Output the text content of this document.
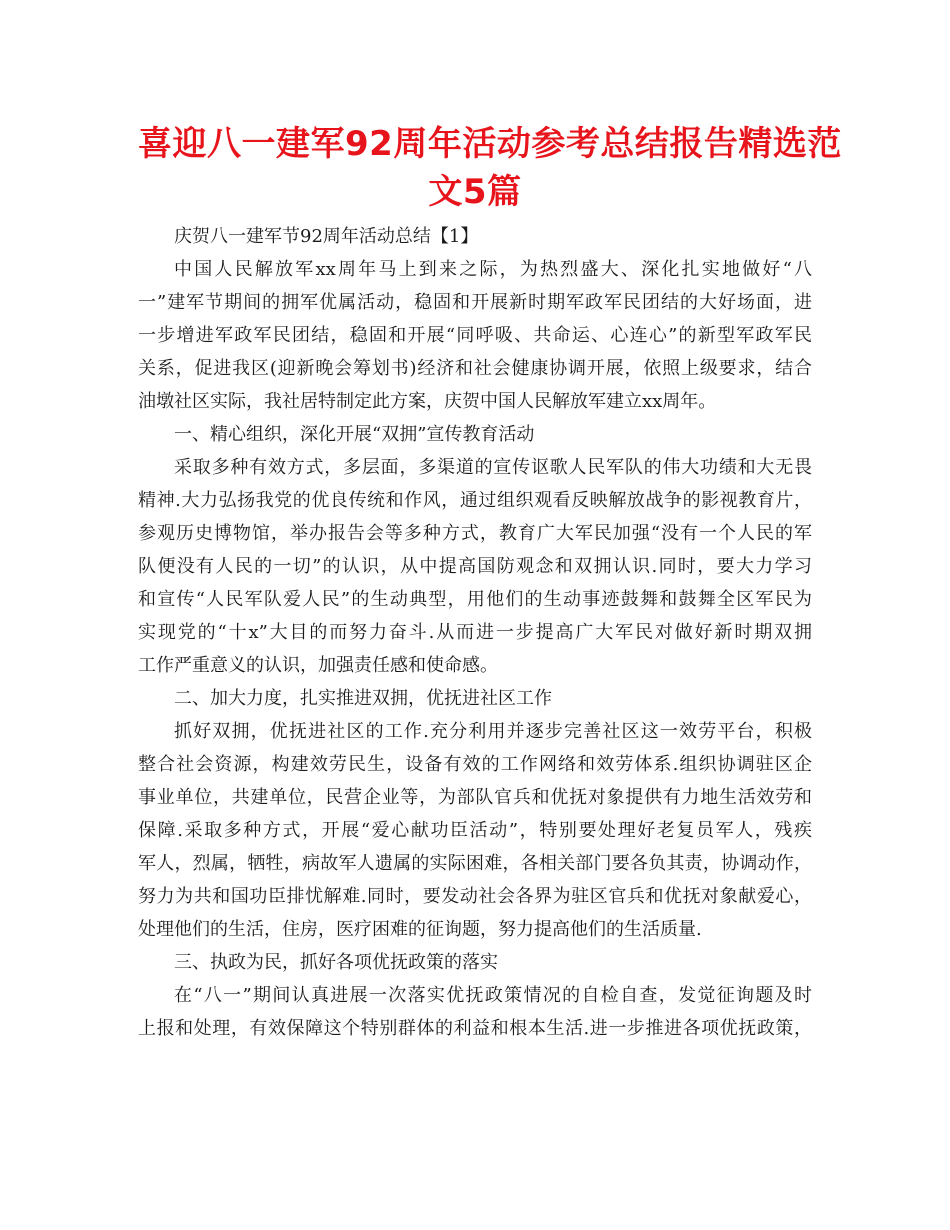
喜迎八一建军92周年活动参考总结报告精选范
文5篇

庆贺八一建军节92周年活动总结【1】

中国人民解放军xx周年马上到来之际，为热烈盛大、深化扎实地做好“八
一”建军节期间的拥军优属活动，稳固和开展新时期军政军民团结的大好场面，进
一步增进军政军民团结，稳固和开展“同呼吸、共命运、心连心”的新型军政军民
关系，促进我区(迎新晚会筹划书)经济和社会健康协调开展，依照上级要求，结合
油墩社区实际，我社居特制定此方案，庆贺中国人民解放军建立xx周年。

一、精心组织，深化开展“双拥”宣传教育活动

采取多种有效方式，多层面，多渠道的宣传讴歌人民军队的伟大功绩和大无畏
精神.大力弘扬我党的优良传统和作风，通过组织观看反映解放战争的影视教育片，
参观历史博物馆，举办报告会等多种方式，教育广大军民加强“没有一个人民的军
队便没有人民的一切”的认识，从中提高国防观念和双拥认识.同时，要大力学习
和宣传“人民军队爱人民”的生动典型，用他们的生动事迹鼓舞和鼓舞全区军民为
实现党的“十x”大目的而努力奋斗.从而进一步提高广大军民对做好新时期双拥
工作严重意义的认识，加强责任感和使命感。

二、加大力度，扎实推进双拥，优抚进社区工作

抓好双拥，优抚进社区的工作.充分利用并逐步完善社区这一效劳平台，积极
整合社会资源，构建效劳民生，设备有效的工作网络和效劳体系.组织协调驻区企
事业单位，共建单位，民营企业等，为部队官兵和优抚对象提供有力地生活效劳和
保障.采取多种方式，开展“爱心献功臣活动”，特别要处理好老复员军人，残疾
军人，烈属，牺牲，病故军人遗属的实际困难，各相关部门要各负其责，协调动作，
努力为共和国功臣排忧解难.同时，要发动社会各界为驻区官兵和优抚对象献爱心，
处理他们的生活，住房，医疗困难的征询题，努力提高他们的生活质量.

三、执政为民，抓好各项优抚政策的落实

在“八一”期间认真进展一次落实优抚政策情况的自检自查，发觉征询题及时
上报和处理，有效保障这个特别群体的利益和根本生活.进一步推进各项优抚政策，
